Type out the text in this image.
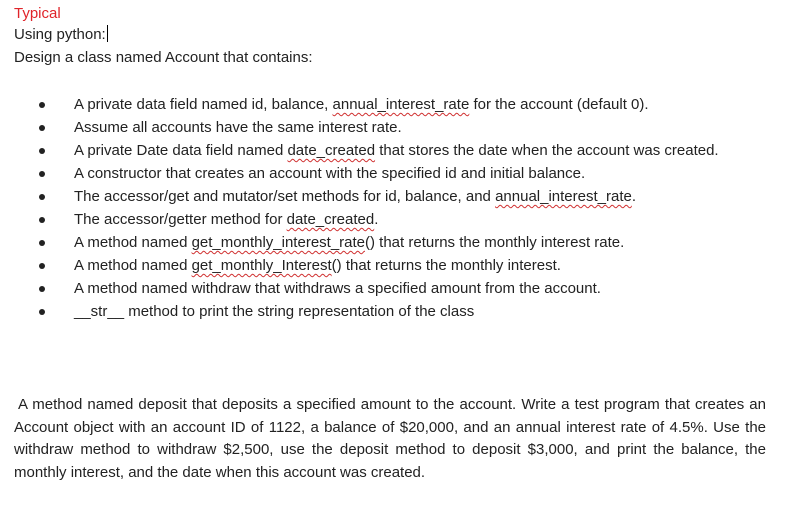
Typical
Using python:
Design a class named Account that contains:
A private data field named id, balance, annual_interest_rate for the account (default 0).
Assume all accounts have the same interest rate.
A private Date data field named date_created that stores the date when the account was created.
A constructor that creates an account with the specified id and initial balance.
The accessor/get and mutator/set methods for id, balance, and annual_interest_rate.
The accessor/getter method for date_created.
A method named get_monthly_interest_rate() that returns the monthly interest rate.
A method named get_monthly_Interest() that returns the monthly interest.
A method named withdraw that withdraws a specified amount from the account.
__str__ method to print the string representation of the class
A method named deposit that deposits a specified amount to the account. Write a test program that creates an Account object with an account ID of 1122, a balance of $20,000, and an annual interest rate of 4.5%. Use the withdraw method to withdraw $2,500, use the deposit method to deposit $3,000, and print the balance, the monthly interest, and the date when this account was created.
